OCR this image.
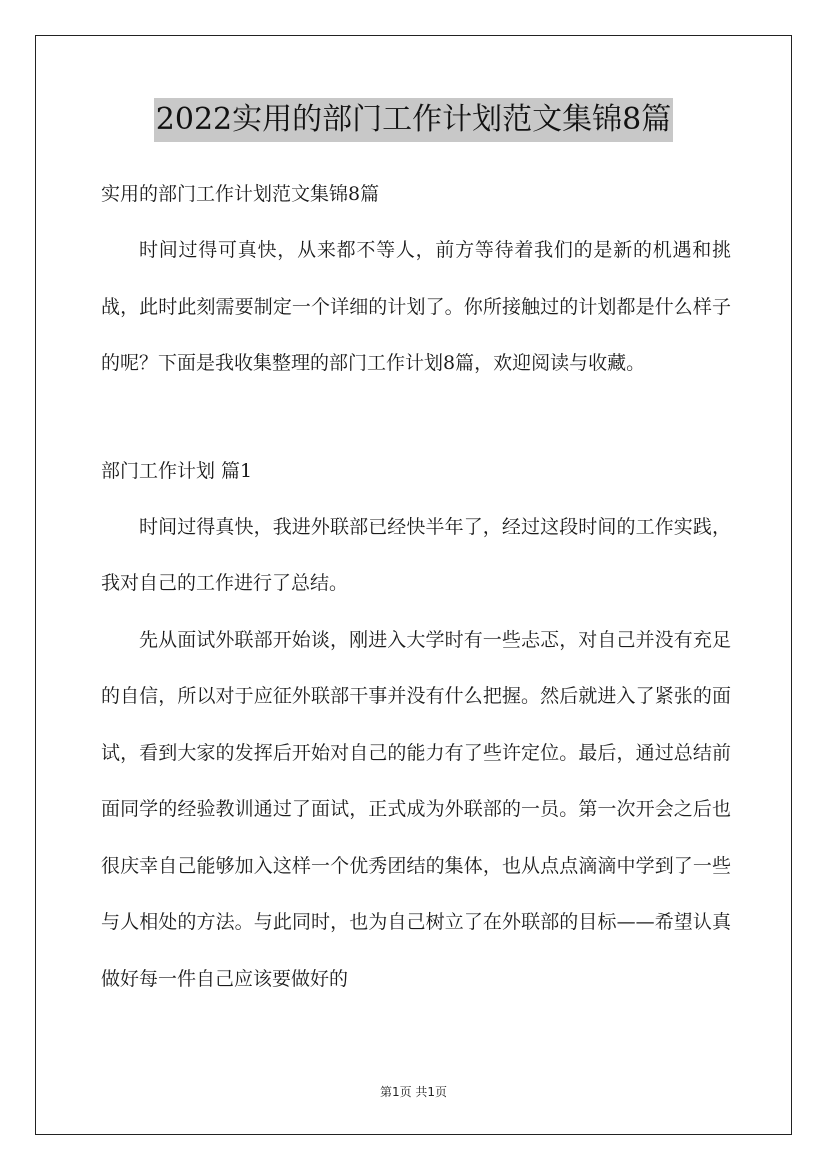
2022实用的部门工作计划范文集锦8篇

实用的部门工作计划范文集锦8篇

时间过得可真快，从来都不等人，前方等待着我们的是新的机遇和挑战，此时此刻需要制定一个详细的计划了。你所接触过的计划都是什么样子的呢？下面是我收集整理的部门工作计划8篇，欢迎阅读与收藏。

部门工作计划 篇1

时间过得真快，我进外联部已经快半年了，经过这段时间的工作实践，我对自己的工作进行了总结。

先从面试外联部开始谈，刚进入大学时有一些忐忑，对自己并没有充足的自信，所以对于应征外联部干事并没有什么把握。然后就进入了紧张的面试，看到大家的发挥后开始对自己的能力有了些许定位。最后，通过总结前面同学的经验教训通过了面试，正式成为外联部的一员。第一次开会之后也很庆幸自己能够加入这样一个优秀团结的集体，也从点点滴滴中学到了一些与人相处的方法。与此同时，也为自己树立了在外联部的目标——希望认真做好每一件自己应该要做好的

第1页 共1页
